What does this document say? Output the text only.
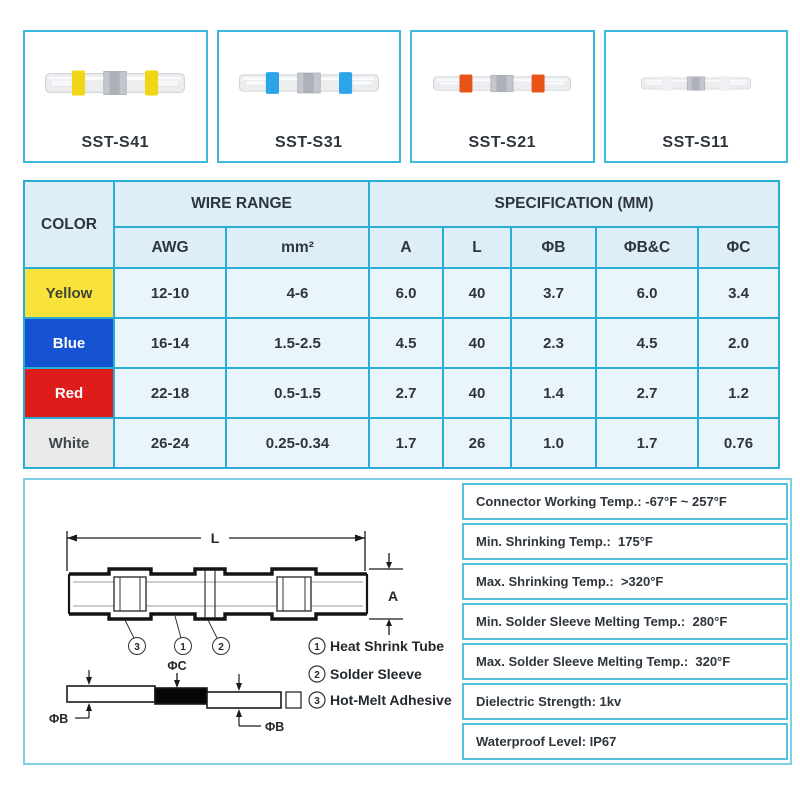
SST-S41	SST-S31	SST-S21	SST-S11
COLOR	WIRE RANGE		SPECIFICATION (MM)				
	AWG	mm²	A	L	ΦB	ΦB&C	ΦC
Yellow	12-10	4-6	6.0	40	3.7	6.0	3.4
Blue	16-14	1.5-2.5	4.5	40	2.3	4.5	2.0
Red	22-18	0.5-1.5	2.7	40	1.4	2.7	1.2
White	26-24	0.25-0.34	1.7	26	1.0	1.7	0.76
L
A
3	1	2
ΦC
ΦB
ΦB
1
2
3
Heat Shrink Tube
Solder Sleeve
Hot-Melt Adhesive
Connector Working Temp.: -67°F ~ 257°F
Min. Shrinking Temp.:  175°F
Max. Shrinking Temp.:  >320°F
Min. Solder Sleeve Melting Temp.:  280°F
Max. Solder Sleeve Melting Temp.:  320°F
Dielectric Strength: 1kv
Waterproof Level: IP67
